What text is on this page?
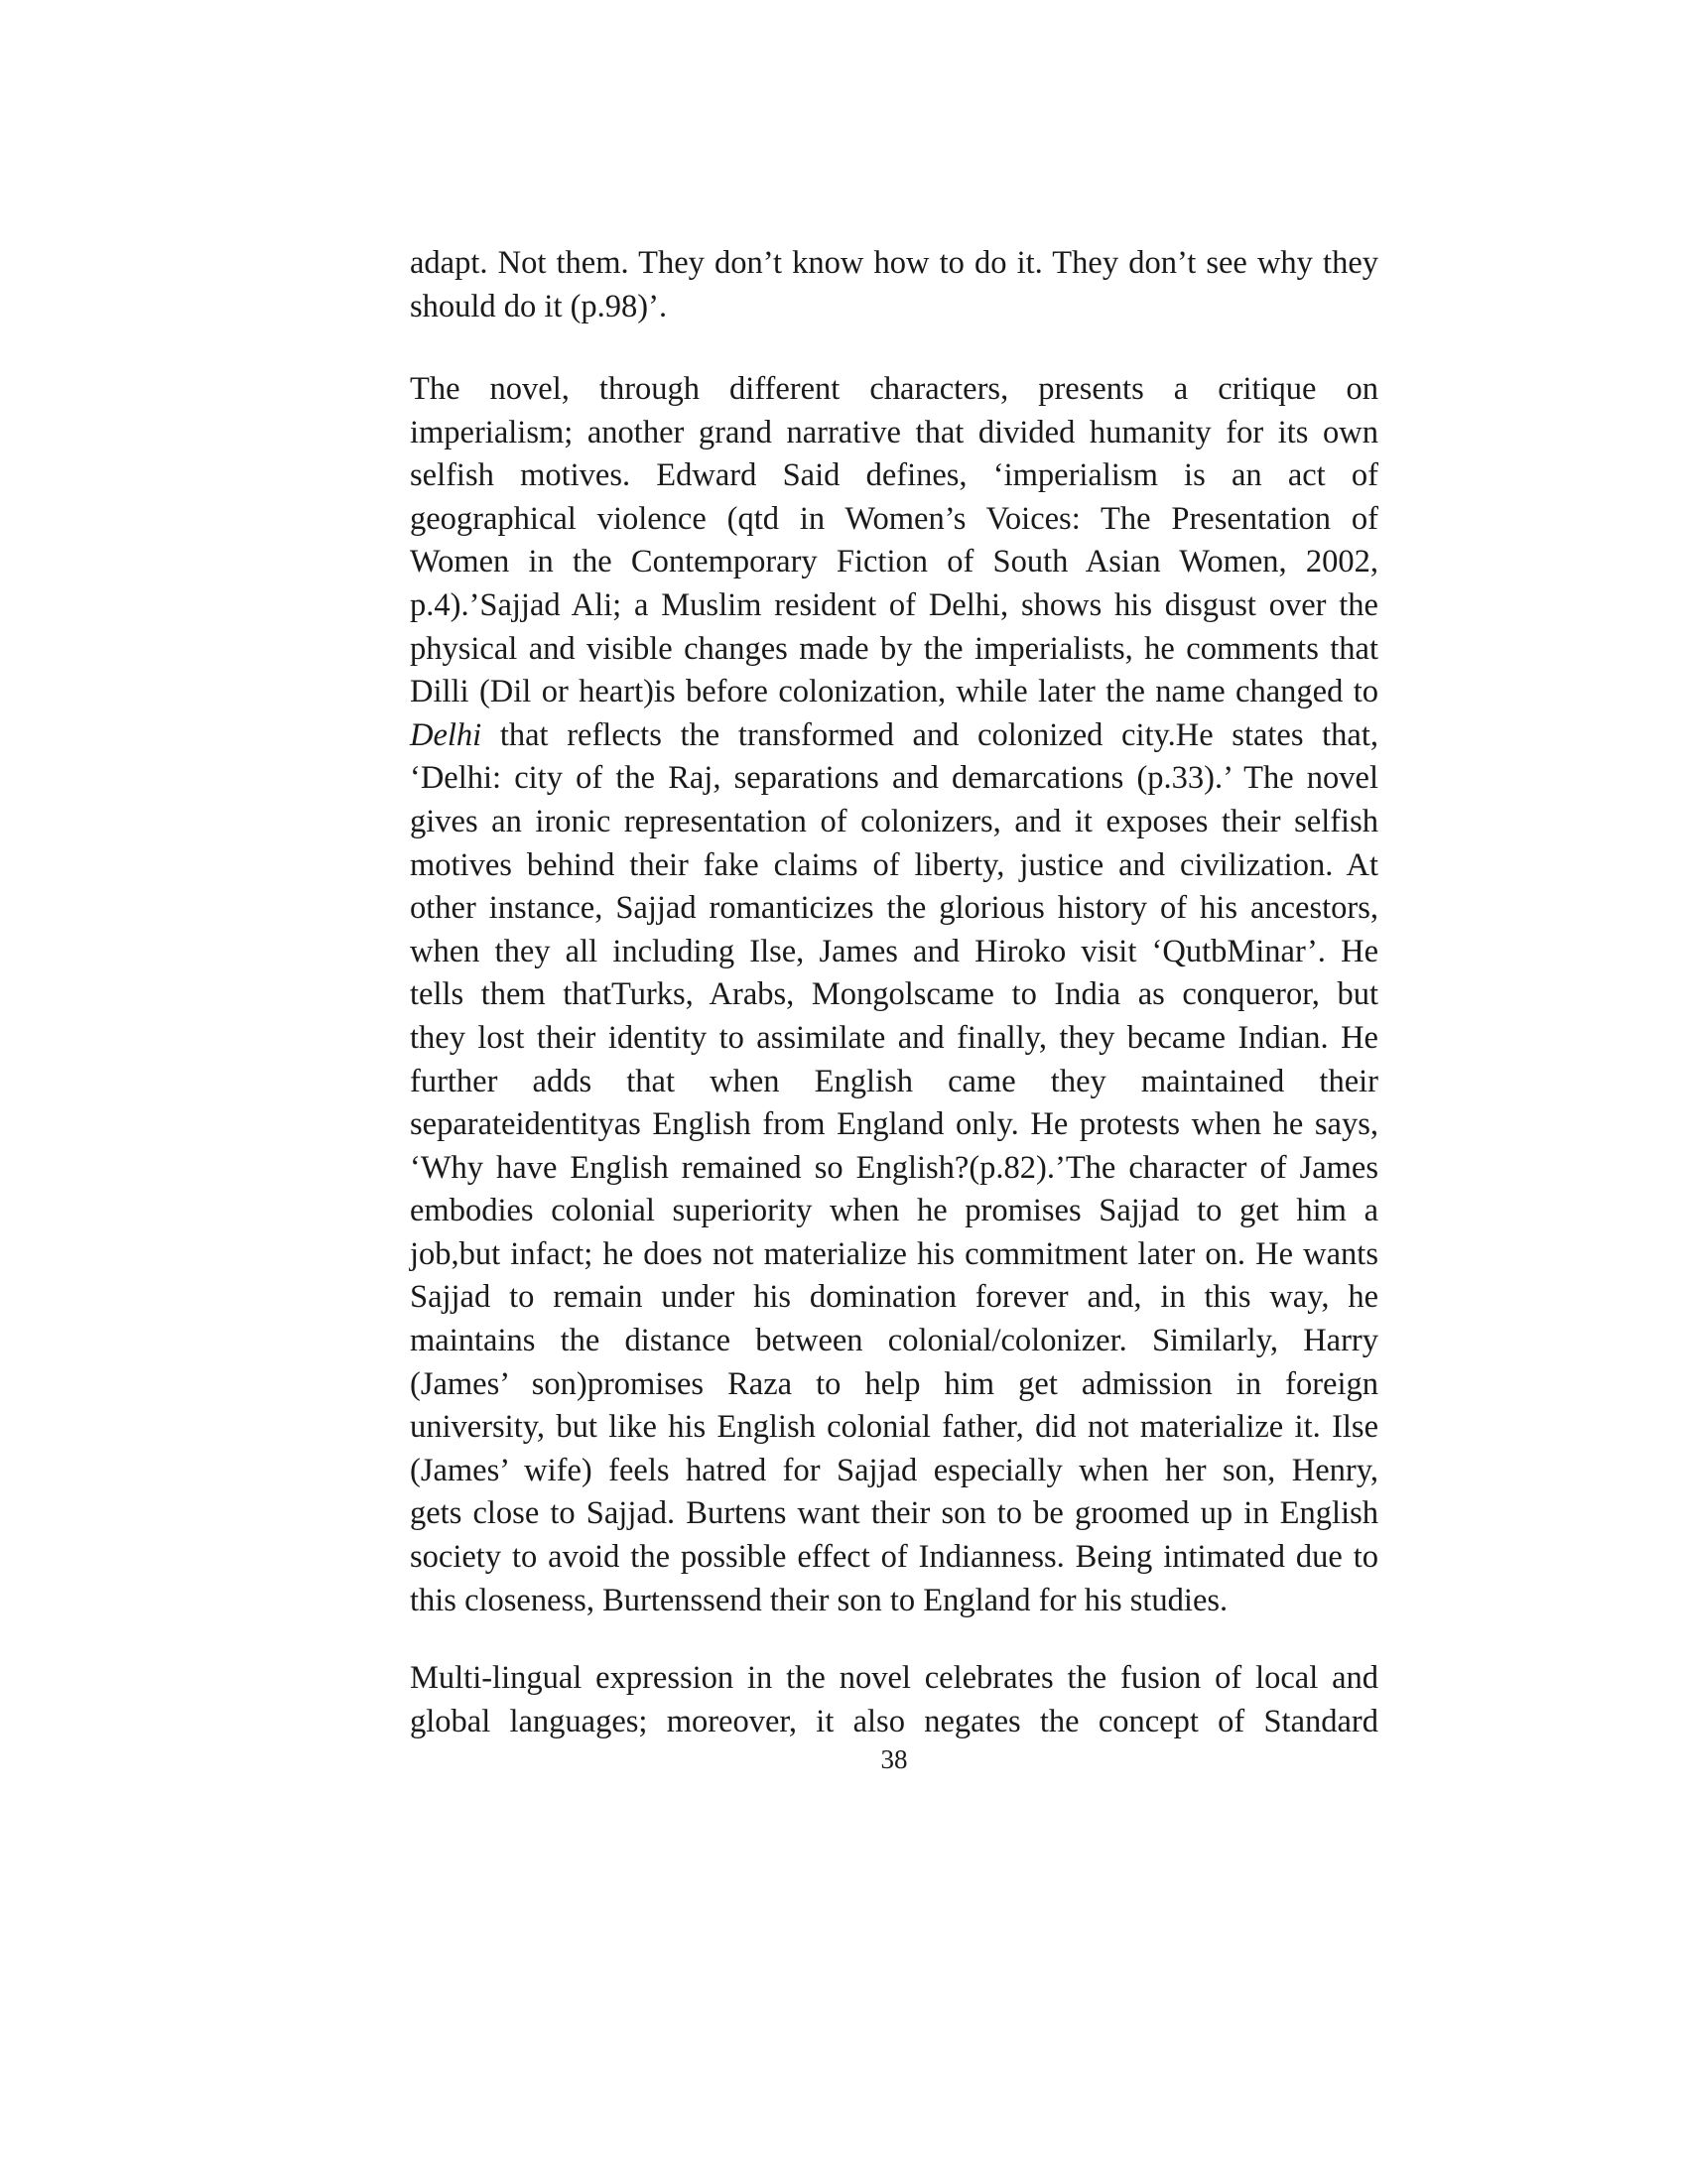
adapt. Not them. They don’t know how to do it. They don’t see why they
should do it (p.98)’.
The novel, through different characters, presents a critique on
imperialism; another grand narrative that divided humanity for its own
selfish motives. Edward Said defines, ‘imperialism is an act of
geographical violence (qtd in Women’s Voices: The Presentation of
Women in the Contemporary Fiction of South Asian Women, 2002,
p.4).’Sajjad Ali; a Muslim resident of Delhi, shows his disgust over the
physical and visible changes made by the imperialists, he comments that
Dilli (Dil or heart)is before colonization, while later the name changed to
Delhi that reflects the transformed and colonized city.He states that,
‘Delhi: city of the Raj, separations and demarcations (p.33).’ The novel
gives an ironic representation of colonizers, and it exposes their selfish
motives behind their fake claims of liberty, justice and civilization. At
other instance, Sajjad romanticizes the glorious history of his ancestors,
when they all including Ilse, James and Hiroko visit ‘QutbMinar’. He
tells them thatTurks, Arabs, Mongolscame to India as conqueror, but
they lost their identity to assimilate and finally, they became Indian. He
further adds that when English came they maintained their
separateidentityas English from England only. He protests when he says,
‘Why have English remained so English?(p.82).’The character of James
embodies colonial superiority when he promises Sajjad to get him a
job,but infact; he does not materialize his commitment later on. He wants
Sajjad to remain under his domination forever and, in this way, he
maintains the distance between colonial/colonizer. Similarly, Harry
(James’ son)promises Raza to help him get admission in foreign
university, but like his English colonial father, did not materialize it. Ilse
(James’ wife) feels hatred for Sajjad especially when her son, Henry,
gets close to Sajjad. Burtens want their son to be groomed up in English
society to avoid the possible effect of Indianness. Being intimated due to
this closeness, Burtenssend their son to England for his studies.
Multi-lingual expression in the novel celebrates the fusion of local and
global languages; moreover, it also negates the concept of Standard
38
